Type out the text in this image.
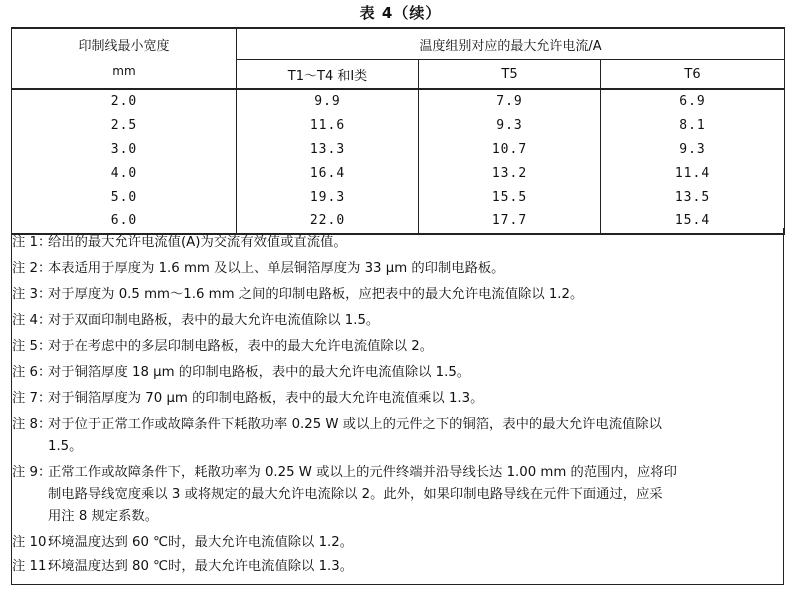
表 4（续）
印制线最小宽度
mm	温度组别对应的最大允许电流/A		
	T1～T4 和Ⅰ类	T5	T6
2.0	9.9	7.9	6.9
2.5	11.6	9.3	8.1
3.0	13.3	10.7	9.3
4.0	16.4	13.2	11.4
5.0	19.3	15.5	13.5
6.0	22.0	17.7	15.4
注 1：
给出的最大允许电流值(A)为交流有效值或直流值。
注 2：
本表适用于厚度为 1.6 mm 及以上、单层铜箔厚度为 33 μm 的印制电路板。
注 3：
对于厚度为 0.5 mm～1.6 mm 之间的印制电路板，应把表中的最大允许电流值除以 1.2。
注 4：
对于双面印制电路板，表中的最大允许电流值除以 1.5。
注 5：
对于在考虑中的多层印制电路板，表中的最大允许电流值除以 2。
注 6：
对于铜箔厚度 18 μm 的印制电路板，表中的最大允许电流值除以 1.5。
注 7：
对于铜箔厚度为 70 μm 的印制电路板，表中的最大允许电流值乘以 1.3。
注 8：
对于位于正常工作或故障条件下耗散功率 0.25 W 或以上的元件之下的铜箔，表中的最大允许电流值除以
1.5。
注 9：
正常工作或故障条件下，耗散功率为 0.25 W 或以上的元件终端并沿导线长达 1.00 mm 的范围内，应将印
制电路导线宽度乘以 3 或将规定的最大允许电流除以 2。此外，如果印制电路导线在元件下面通过，应采
用注 8 规定系数。
注 10：
环境温度达到 60 ℃时，最大允许电流值除以 1.2。
注 11：
环境温度达到 80 ℃时，最大允许电流值除以 1.3。
